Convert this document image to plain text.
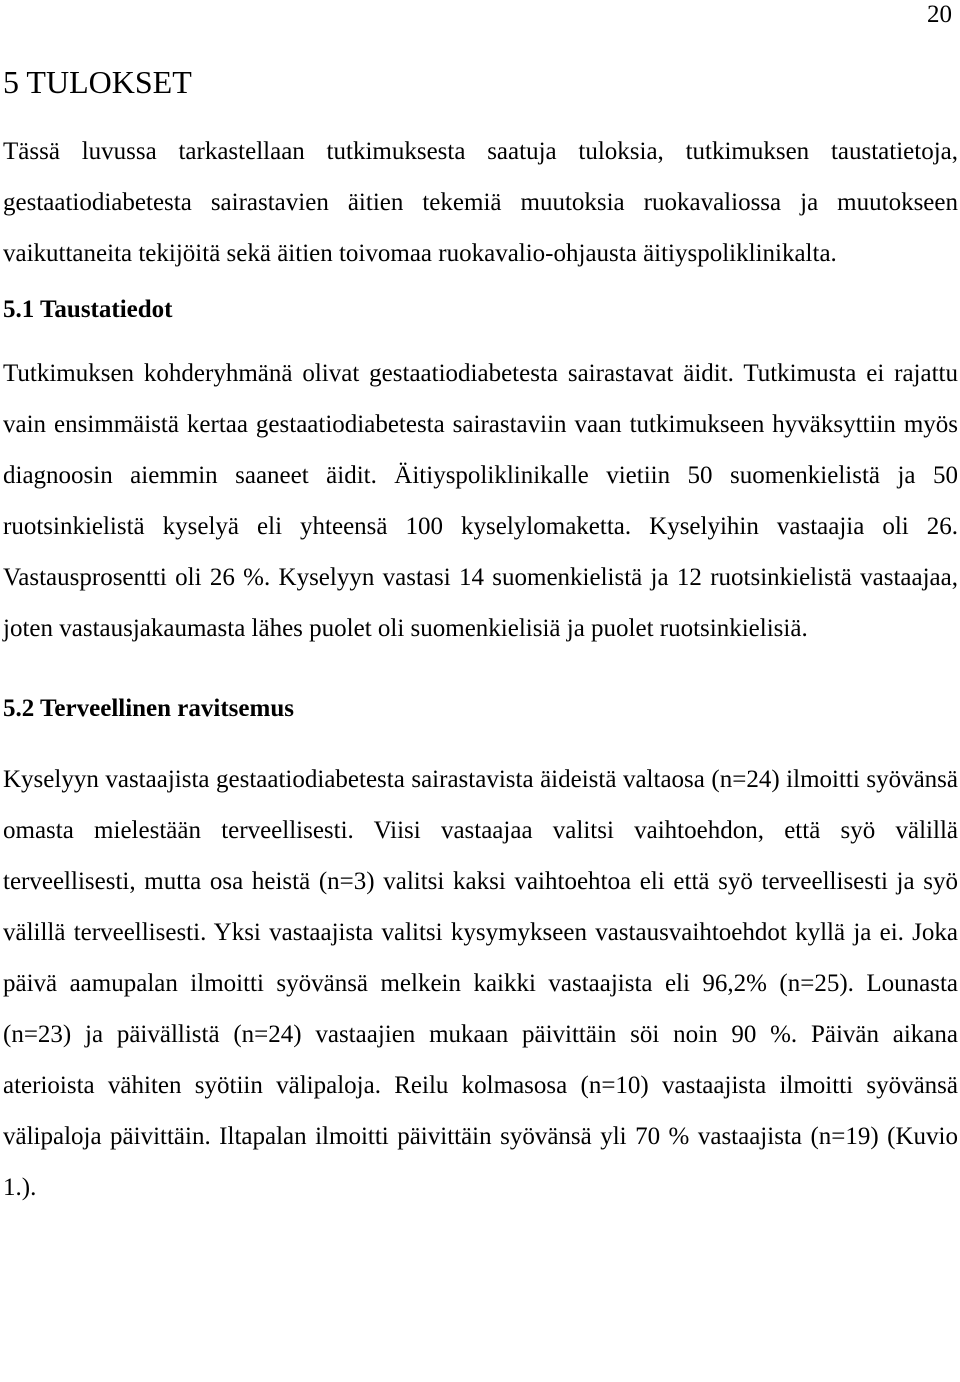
20
5 TULOKSET

Tässä luvussa tarkastellaan tutkimuksesta saatuja tuloksia, tutkimuksen taustatietoja, gestaatiodiabetesta sairastavien äitien tekemiä muutoksia ruokavaliossa ja muutokseen vaikuttaneita tekijöitä sekä äitien toivomaa ruokavalio-ohjausta äitiyspoliklinikalta.

5.1 Taustatiedot

Tutkimuksen kohderyhmänä olivat gestaatiodiabetesta sairastavat äidit. Tutkimusta ei rajattu vain ensimmäistä kertaa gestaatiodiabetesta sairastaviin vaan tutkimukseen hyväksyttiin myös diagnoosin aiemmin saaneet äidit. Äitiyspoliklinikalle vietiin 50 suomenkielistä ja 50 ruotsinkielistä kyselyä eli yhteensä 100 kyselylomaketta. Kyselyihin vastaajia oli 26. Vastausprosentti oli 26 %. Kyselyyn vastasi 14 suomenkielistä ja 12 ruotsinkielistä vastaajaa, joten vastausjakaumasta lähes puolet oli suomenkielisiä ja puolet ruotsinkielisiä.

5.2 Terveellinen ravitsemus

Kyselyyn vastaajista gestaatiodiabetesta sairastavista äideistä valtaosa (n=24) ilmoitti syövänsä omasta mielestään terveellisesti. Viisi vastaajaa valitsi vaihtoehdon, että syö välillä terveellisesti, mutta osa heistä (n=3) valitsi kaksi vaihtoehtoa eli että syö terveellisesti ja syö välillä terveellisesti. Yksi vastaajista valitsi kysymykseen vastausvaihtoehdot kyllä ja ei. Joka päivä aamupalan ilmoitti syövänsä melkein kaikki vastaajista eli 96,2% (n=25). Lounasta (n=23) ja päivällistä (n=24) vastaajien mukaan päivittäin söi noin 90 %. Päivän aikana aterioista vähiten syötiin välipaloja. Reilu kolmasosa (n=10) vastaajista ilmoitti syövänsä välipaloja päivittäin. Iltapalan ilmoitti päivittäin syövänsä yli 70 % vastaajista (n=19) (Kuvio 1.).
